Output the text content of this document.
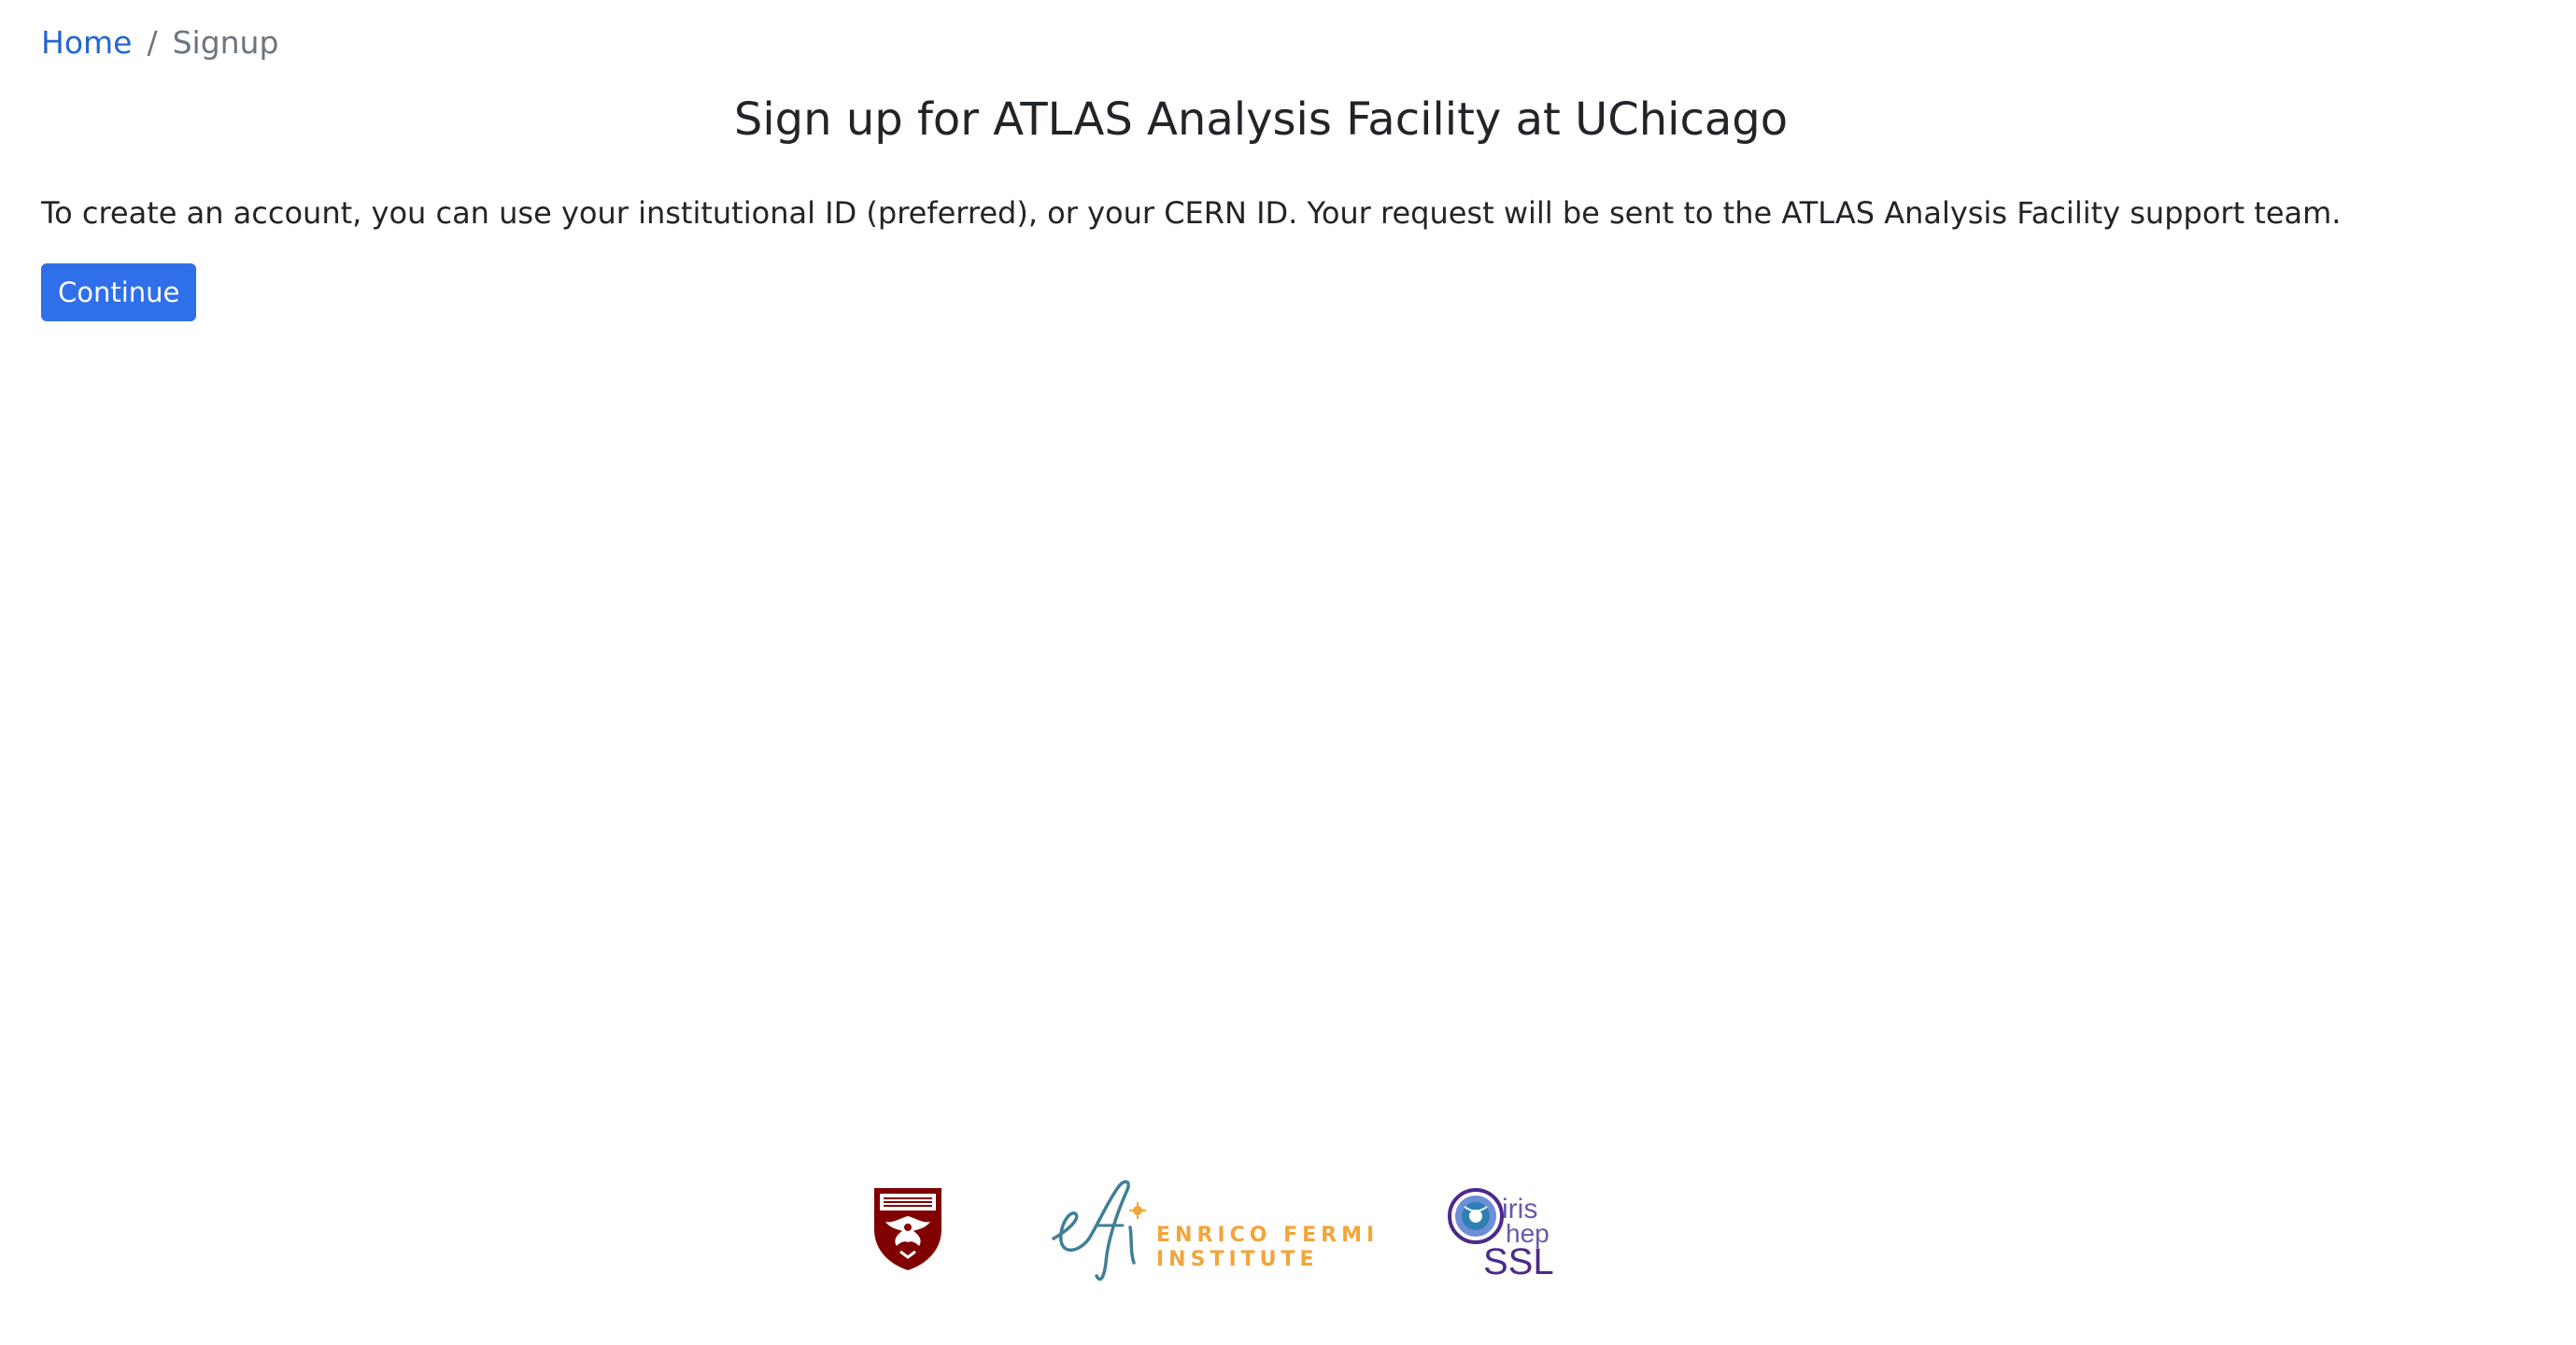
Home / Signup
Sign up for ATLAS Analysis Facility at UChicago

To create an account, you can use your institutional ID (preferred), or your CERN ID. Your request will be sent to the ATLAS Analysis Facility support team.

Continue
ENRICO FERMI
INSTITUTE
iris
hep
SSL
